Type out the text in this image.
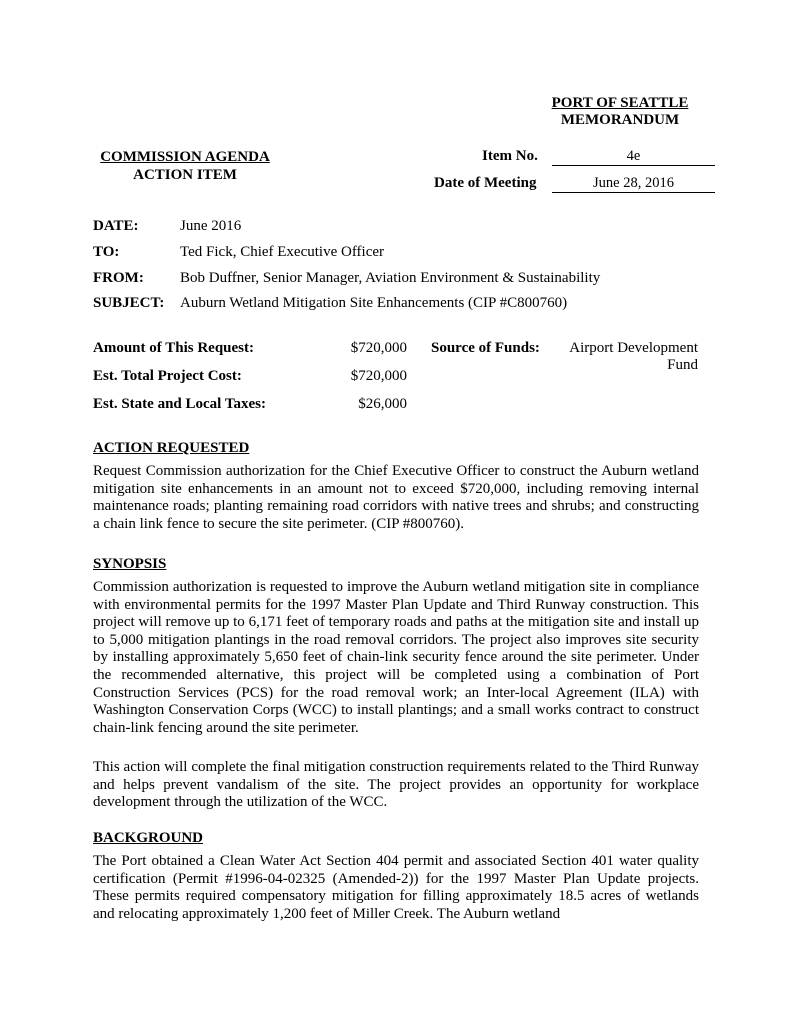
PORT OF SEATTLE
MEMORANDUM
COMMISSION AGENDA
ACTION ITEM
Item No.	4e
Date of Meeting	June 28, 2016
DATE:	June 2016
TO:	Ted Fick, Chief Executive Officer
FROM: Bob Duffner, Senior Manager, Aviation Environment & Sustainability
SUBJECT: Auburn Wetland Mitigation Site Enhancements (CIP #C800760)
Amount of This Request:	$720,000
Est. Total Project Cost:	$720,000
Est. State and Local Taxes:	$26,000
Source of Funds:	Airport Development
Fund
ACTION REQUESTED
Request Commission authorization for the Chief Executive Officer to construct the Auburn wetland mitigation site enhancements in an amount not to exceed $720,000, including removing internal maintenance roads; planting remaining road corridors with native trees and shrubs; and constructing a chain link fence to secure the site perimeter. (CIP #800760).
SYNOPSIS
Commission authorization is requested to improve the Auburn wetland mitigation site in compliance with environmental permits for the 1997 Master Plan Update and Third Runway construction. This project will remove up to 6,171 feet of temporary roads and paths at the mitigation site and install up to 5,000 mitigation plantings in the road removal corridors. The project also improves site security by installing approximately 5,650 feet of chain-link security fence around the site perimeter. Under the recommended alternative, this project will be completed using a combination of Port Construction Services (PCS) for the road removal work; an Inter-local Agreement (ILA) with Washington Conservation Corps (WCC) to install plantings; and a small works contract to construct chain-link fencing around the site perimeter.
This action will complete the final mitigation construction requirements related to the Third Runway and helps prevent vandalism of the site. The project provides an opportunity for workplace development through the utilization of the WCC.
BACKGROUND
The Port obtained a Clean Water Act Section 404 permit and associated Section 401 water quality certification (Permit #1996-04-02325 (Amended-2)) for the 1997 Master Plan Update projects. These permits required compensatory mitigation for filling approximately 18.5 acres of wetlands and relocating approximately 1,200 feet of Miller Creek. The Auburn wetland
